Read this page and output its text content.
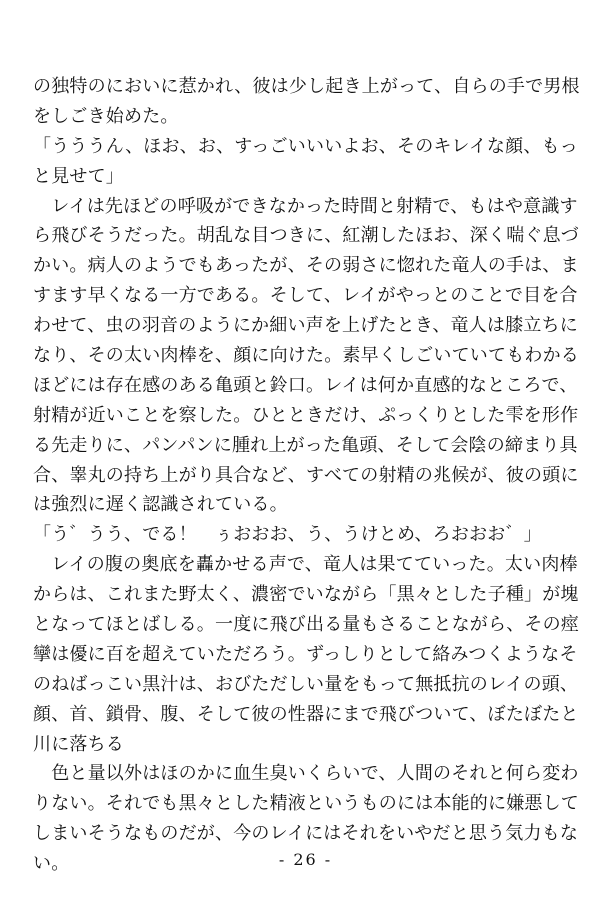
の独特のにおいに惹かれ、彼は少し起き上がって、自らの手で男根
をしごき始めた。
「うううん、ほお、お、すっごいいいよお、そのキレイな顔、もっ
と見せて」
　レイは先ほどの呼吸ができなかった時間と射精で、もはや意識す
ら飛びそうだった。胡乱な目つきに、紅潮したほお、深く喘ぐ息づ
かい。病人のようでもあったが、その弱さに惚れた竜人の手は、ま
すます早くなる一方である。そして、レイがやっとのことで目を合
わせて、虫の羽音のようにか細い声を上げたとき、竜人は膝立ちに
なり、その太い肉棒を、顔に向けた。素早くしごいていてもわかる
ほどには存在感のある亀頭と鈴口。レイは何か直感的なところで、
射精が近いことを察した。ひとときだけ、ぷっくりとした雫を形作
る先走りに、パンパンに腫れ上がった亀頭、そして会陰の締まり具
合、睾丸の持ち上がり具合など、すべての射精の兆候が、彼の頭に
は強烈に遅く認識されている。
「う゛うう、でる！　ぅおおお、う、うけとめ、ろおおお゛」
　レイの腹の奥底を轟かせる声で、竜人は果てていった。太い肉棒
からは、これまた野太く、濃密でいながら「黒々とした子種」が塊
となってほとばしる。一度に飛び出る量もさることながら、その痙
攣は優に百を超えていただろう。ずっしりとして絡みつくようなそ
のねばっこい黒汁は、おびただしい量をもって無抵抗のレイの頭、
顔、首、鎖骨、腹、そして彼の性器にまで飛びついて、ぼたぼたと
川に落ちる
　色と量以外はほのかに血生臭いくらいで、人間のそれと何ら変わ
りない。それでも黒々とした精液というものには本能的に嫌悪して
しまいそうなものだが、今のレイにはそれをいやだと思う気力もな
い。	- 26 -
